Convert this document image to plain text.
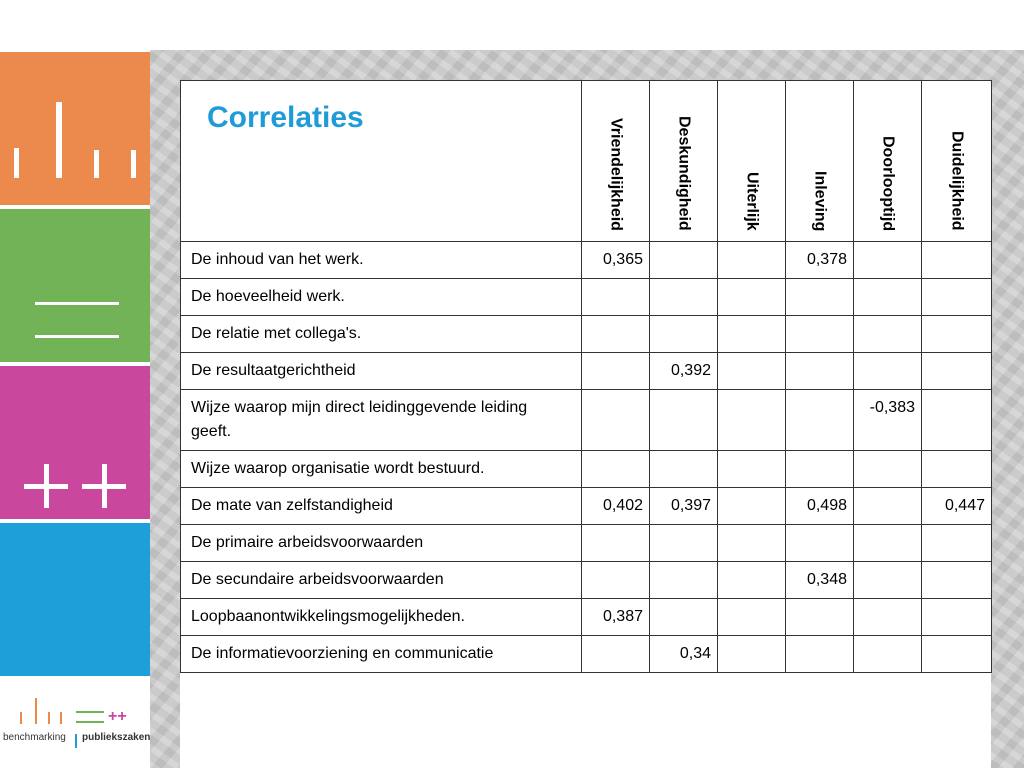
++
benchmarking publiekszaken
Correlaties	Vriendelijkheid	Deskundigheid	Uiterlijk	Inleving	Doorlooptijd	Duidelijkheid

De inhoud van het werk.	0,365			0,378		
De hoeveelheid werk.						
De relatie met collega's.						
De resultaatgerichtheid		0,392				
Wijze waarop mijn direct leidinggevende leiding geeft.					-0,383	
Wijze waarop organisatie wordt bestuurd.						
De mate van zelfstandigheid	0,402	0,397		0,498		0,447
De primaire arbeidsvoorwaarden						
De secundaire arbeidsvoorwaarden				0,348		
Loopbaanontwikkelingsmogelijkheden.	0,387					
De informatievoorziening en communicatie		0,34				
